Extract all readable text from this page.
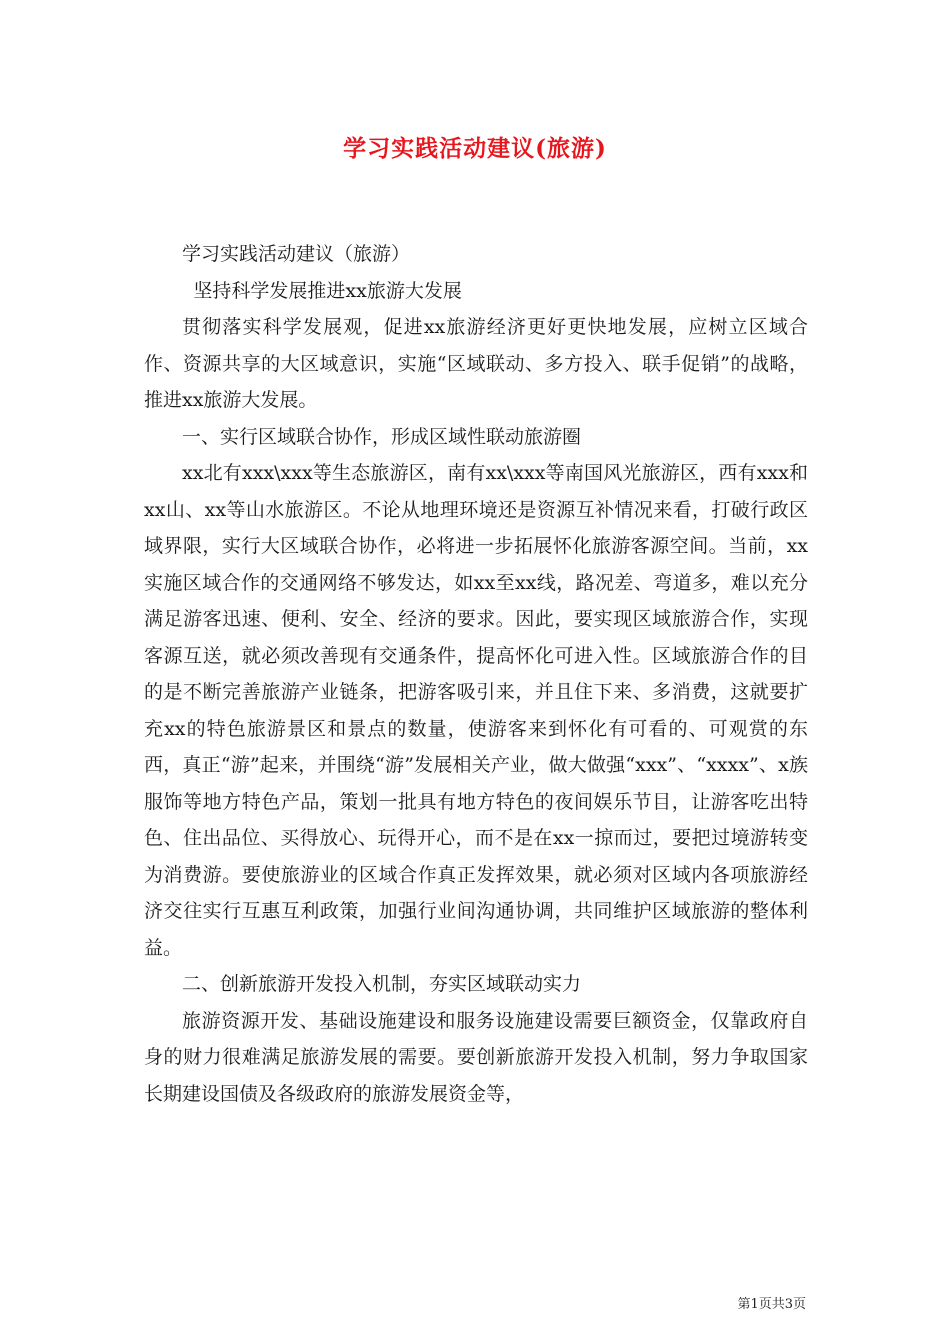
学习实践活动建议(旅游)

学习实践活动建议（旅游）

坚持科学发展推进xx旅游大发展

贯彻落实科学发展观，促进xx旅游经济更好更快地发展，应树立区域合作、资源共享的大区域意识，实施“区域联动、多方投入、联手促销”的战略，推进xx旅游大发展。

一、实行区域联合协作，形成区域性联动旅游圈

xx北有xxx\xxx等生态旅游区，南有xx\xxx等南国风光旅游区，西有xxx和xx山、xx等山水旅游区。不论从地理环境还是资源互补情况来看，打破行政区域界限，实行大区域联合协作，必将进一步拓展怀化旅游客源空间。当前，xx实施区域合作的交通网络不够发达，如xx至xx线，路况差、弯道多，难以充分满足游客迅速、便利、安全、经济的要求。因此，要实现区域旅游合作，实现客源互送，就必须改善现有交通条件，提高怀化可进入性。区域旅游合作的目的是不断完善旅游产业链条，把游客吸引来，并且住下来、多消费，这就要扩充xx的特色旅游景区和景点的数量，使游客来到怀化有可看的、可观赏的东西，真正“游”起来，并围绕“游”发展相关产业，做大做强“xxx”、“xxxx”、x族服饰等地方特色产品，策划一批具有地方特色的夜间娱乐节目，让游客吃出特色、住出品位、买得放心、玩得开心，而不是在xx一掠而过，要把过境游转变为消费游。要使旅游业的区域合作真正发挥效果，就必须对区域内各项旅游经济交往实行互惠互利政策，加强行业间沟通协调，共同维护区域旅游的整体利益。

二、创新旅游开发投入机制，夯实区域联动实力

旅游资源开发、基础设施建设和服务设施建设需要巨额资金，仅靠政府自身的财力很难满足旅游发展的需要。要创新旅游开发投入机制，努力争取国家长期建设国债及各级政府的旅游发展资金等，

第1页共3页
